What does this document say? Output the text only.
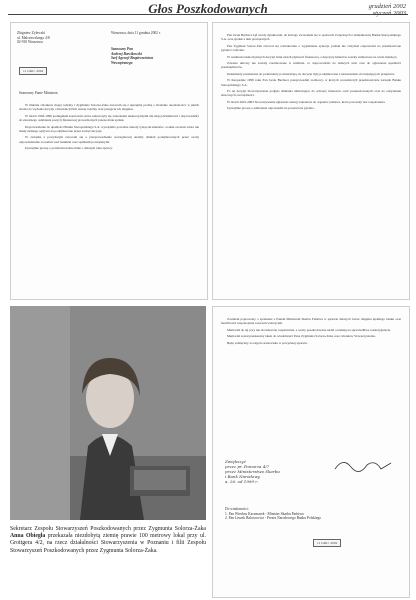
Głos Poszkodowanych	grudzień 2002
styczeń 2003
Zbigniew Zylewski
ul. Malczewskiego 4/8
02-910 Warszawa
Warszawa, dnia 11 grudnia 2002 r.
11 GRU. 2002
Szanowny Pan
Andrzej Barcikowski
Szef Agencji Bezpieczeństwa
Wewnętrznego
Szanowny Panie Ministrze,

W imieniu członków mojej rodziny i Zygmunta Solorza-Żaka zwracam się z uprzejmą prośbą o zbadanie okoliczności, w jakich doszło do wydania decyzji o likwidacji firm naszej rodziny oraz przejęcia ich majątku.

W latach 1994-1996 podlegałem kontrolom, które zakończyły się wnioskami niekorzystnymi dla mojej działalności i doprowadziły do znacznego osłabienia pozycji finansowej prowadzonych przeze mnie spółek.

Doprowadzenie do upadłości Banku Staropolskiego S.A. wyrządziło poważne szkody tysiącom klientów, a także osobom, które nie miały żadnego wpływu na podejmowane przez zarząd decyzje.

W związku z powyższym zwracam się o przeprowadzenie szczegółowej analizy działań podejmowanych przez osoby odpowiedzialne za nadzór nad bankiem oraz spółkami powiązanymi.

Uprzejmie proszę o poinformowanie mnie o dalszym toku sprawy.

Pan Jacek Buchacz był wtedy dyrektorem, do którego zwracałem się w sprawach związanych z działalnością Banku Staropolskiego S.A. oraz spółek z nim powiązanych.

Pan Zygmunt Solorz-Żak zwracał się wielokrotnie o wyjaśnienie sytuacji, jednak nie otrzymał odpowiedzi na przedstawione pytania i wnioski.

W rezultacie niekorzystnych decyzji bank utracił płynność finansową, a depozyty klientów zostały zamrożone na wiele miesięcy.

Zawarte umowy nie zostały zrealizowane w terminie, co doprowadziło do dalszych strat oraz do ogłoszenia upadłości przedsiębiorstw.

Dokumenty przekazane do prokuratury potwierdzają, że decyzje były podejmowane z naruszeniem obowiązujących przepisów.

W listopadzie 1998 roku Pan Jacek Buchacz przeprowadził rozmowy, w których uczestniczyli przedstawiciele zarządu Banku Staropolskiego S.A.

Po tej decyzji Stowarzyszenie podjęło działania zmierzające do ochrony interesów osób poszkodowanych oraz do odzyskania utraconych oszczędności.

W latach 2001-2002 Stowarzyszenie zgłaszało szereg wniosków do organów państwa, które pozostały bez rozpatrzenia.

Uprzejmie proszę o udzielenie odpowiedzi na postawione pytania.

Sekretarz Zespołu Stowarzyszeń Poszkodowanych przez Zygmunta Solorza-Żaka Anna Obiegła przekazała niezdobytą ziemię prawie 100 metrowy lokal przy ul. Grottgera 4/2, na rzecz działalności Stowarzyszenia w Poznaniu i filii Zespołu Stowarzyszeń Poszkodowanych przez Zygmunta Solorza-Żaka.

Zostałem poproszony o spotkanie z Panem Ministrem Skarbu Państwa w sprawie dalszych losów majątku upadłego banku oraz możliwości zaspokojenia roszczeń wierzycieli.

Memoriał do tej pory nie doczekał się rozpatrzenia, a osoby poszkodowane nadal oczekują na sprawiedliwe rozstrzygnięcie.

Memoriał został przekazany także do wiadomości Pana Zygmunta Solorza-Żaka oraz członków Stowarzyszenia.

Będę wdzięczny za zajęcie stanowiska w powyższej sprawie.

Zwiększyć
przez pr. Pomorza 4/7
przez Ministerstwo Skarbu
i Bank Narodowy
a. 26. od 1999 r.
Do wiadomości:
1. Pan Wiesław Kaczmarek - Minister Skarbu Państwa
2. Pan Leszek Balcerowicz - Prezes Narodowego Banku Polskiego
11 GRU. 2002
